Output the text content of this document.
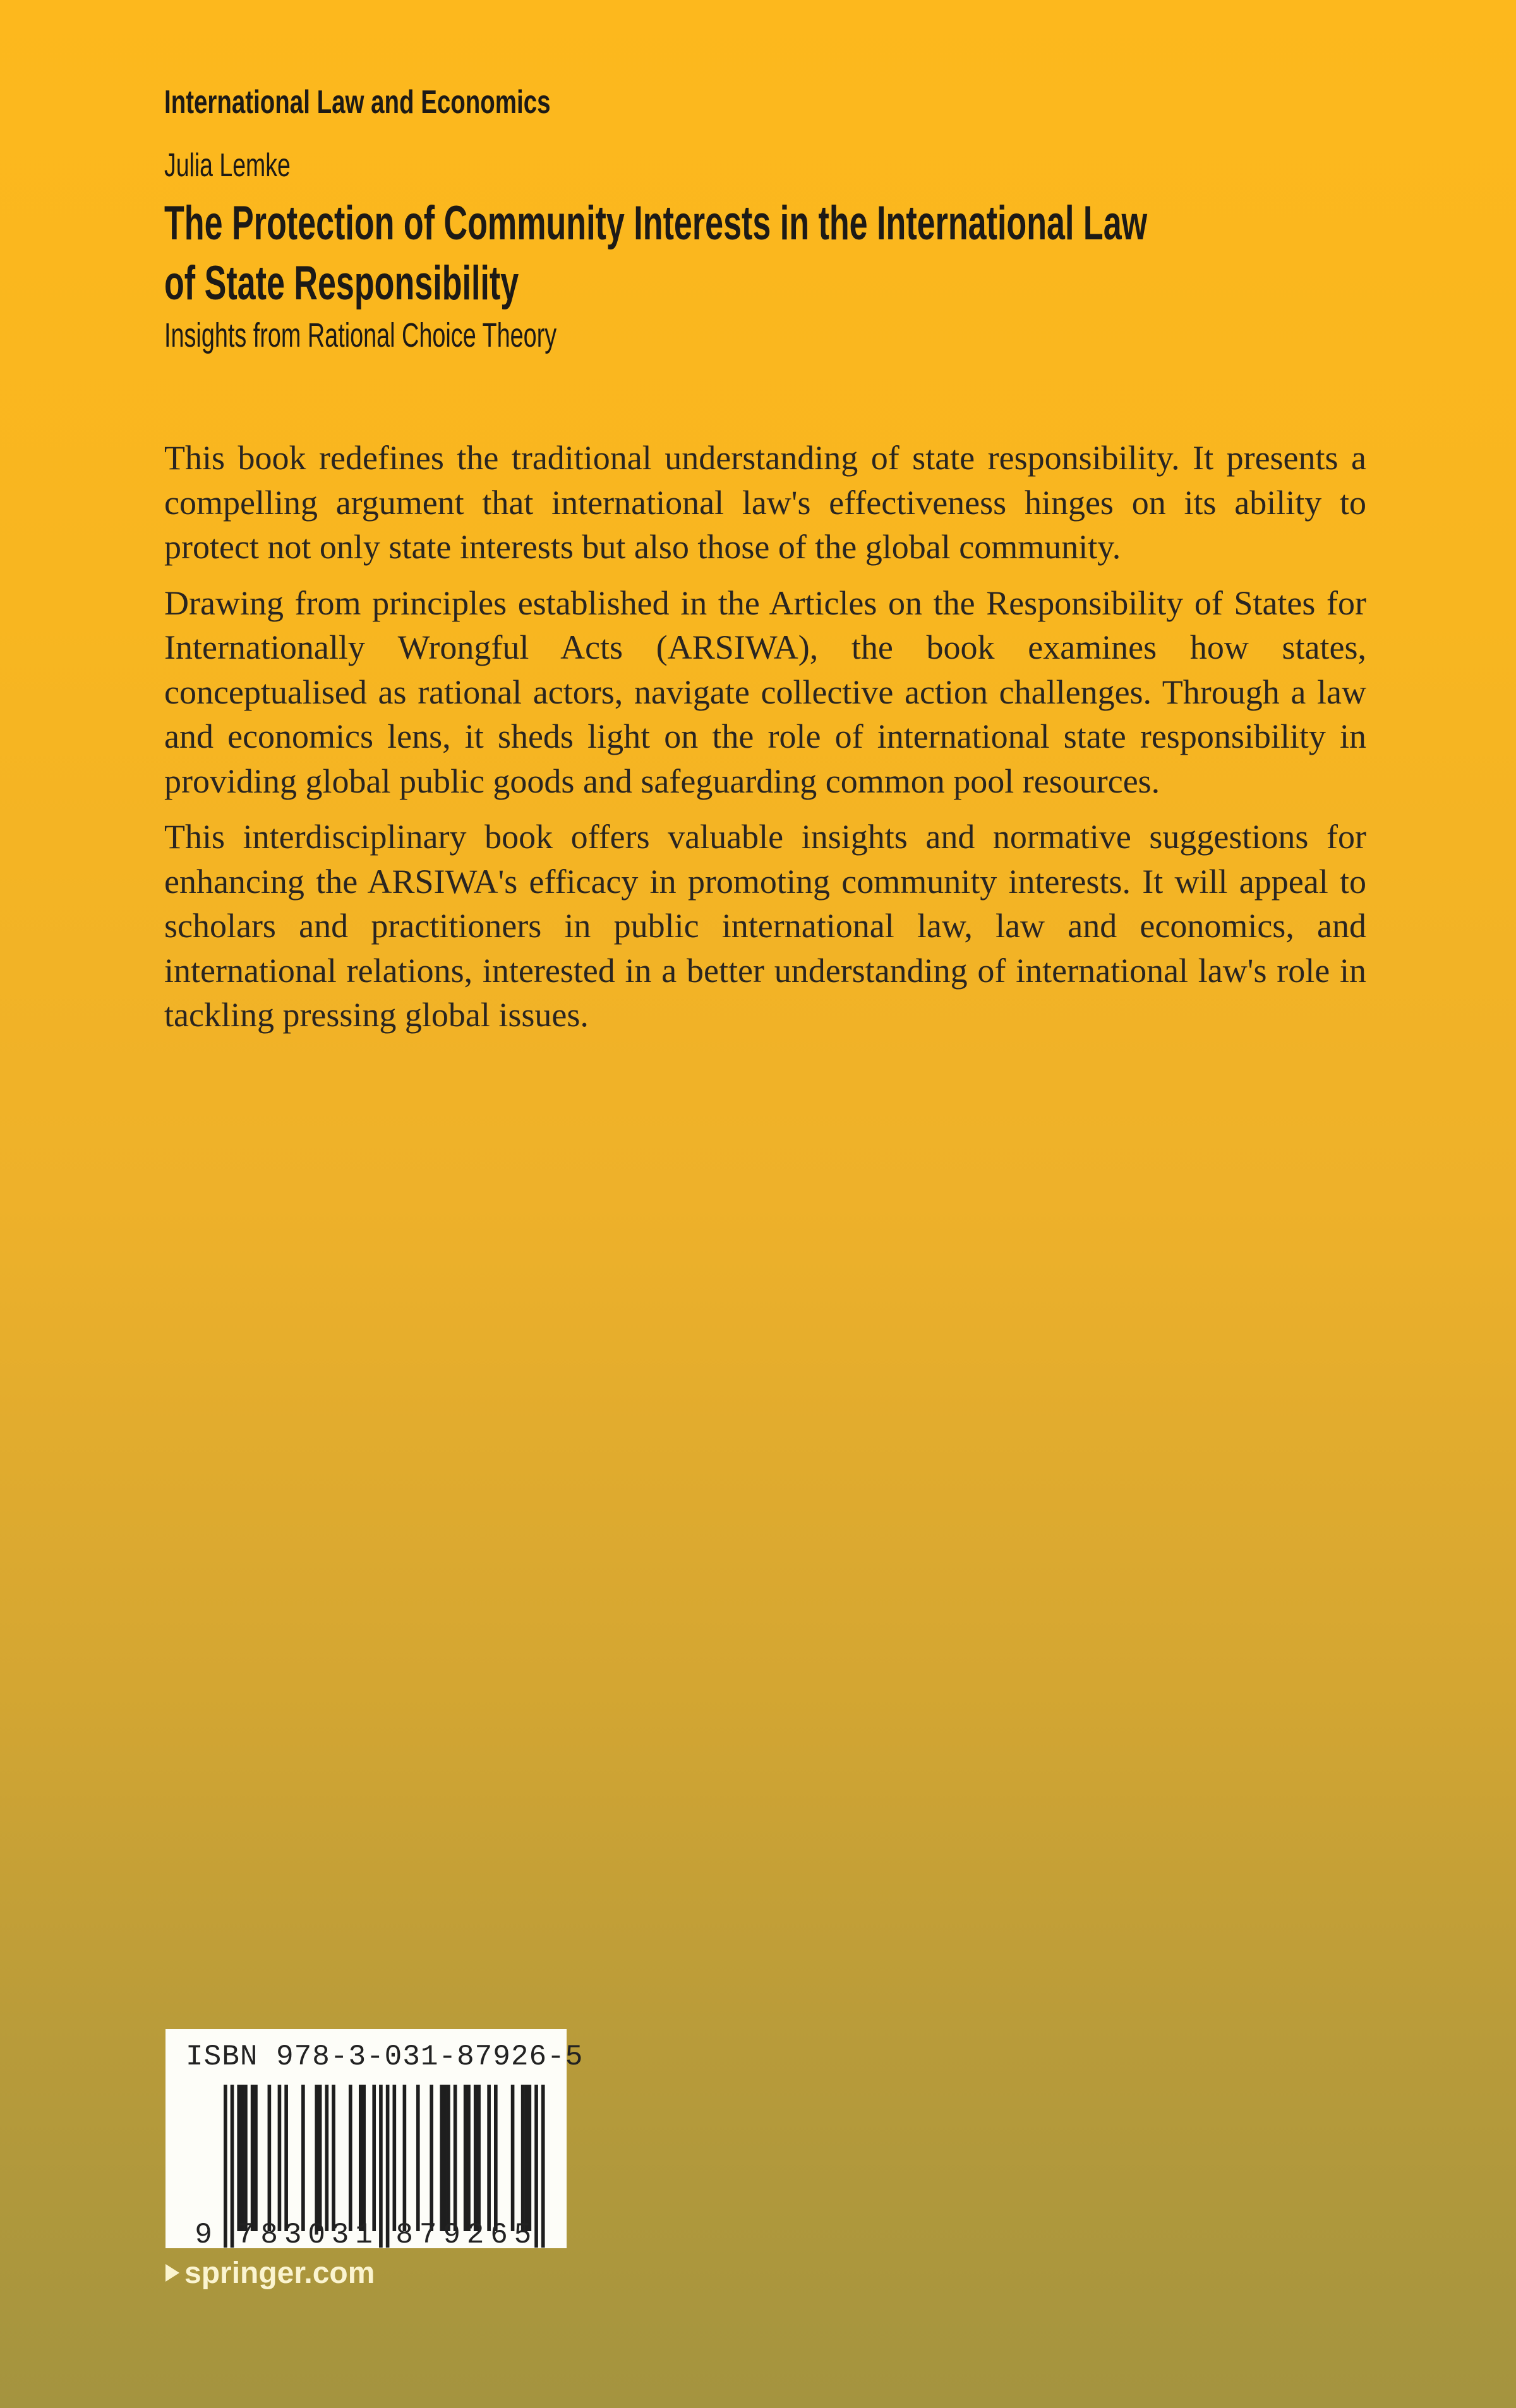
International Law and Economics
Julia Lemke
The Protection of Community Interests in the International Law
of State Responsibility
Insights from Rational Choice Theory

This book redefines the traditional understanding of state responsibility. It presents a compelling argument that international law's effectiveness hinges on its ability to protect not only state interests but also those of the global community.

Drawing from principles established in the Articles on the Responsibility of States for Internationally Wrongful Acts (ARSIWA), the book examines how states, conceptualised as rational actors, navigate collective action challenges. Through a law and economics lens, it sheds light on the role of international state responsibility in providing global public goods and safeguarding common pool resources.

This interdisciplinary book offers valuable insights and normative suggestions for enhancing the ARSIWA's efficacy in promoting community interests. It will appeal to scholars and practitioners in public international law, law and economics, and international relations, interested in a better understanding of international law's role in tackling pressing global issues.

ISBN 978-3-031-87926-5
9 7 8 3 0 3 1 8 7 9 2 6 5
springer.com
